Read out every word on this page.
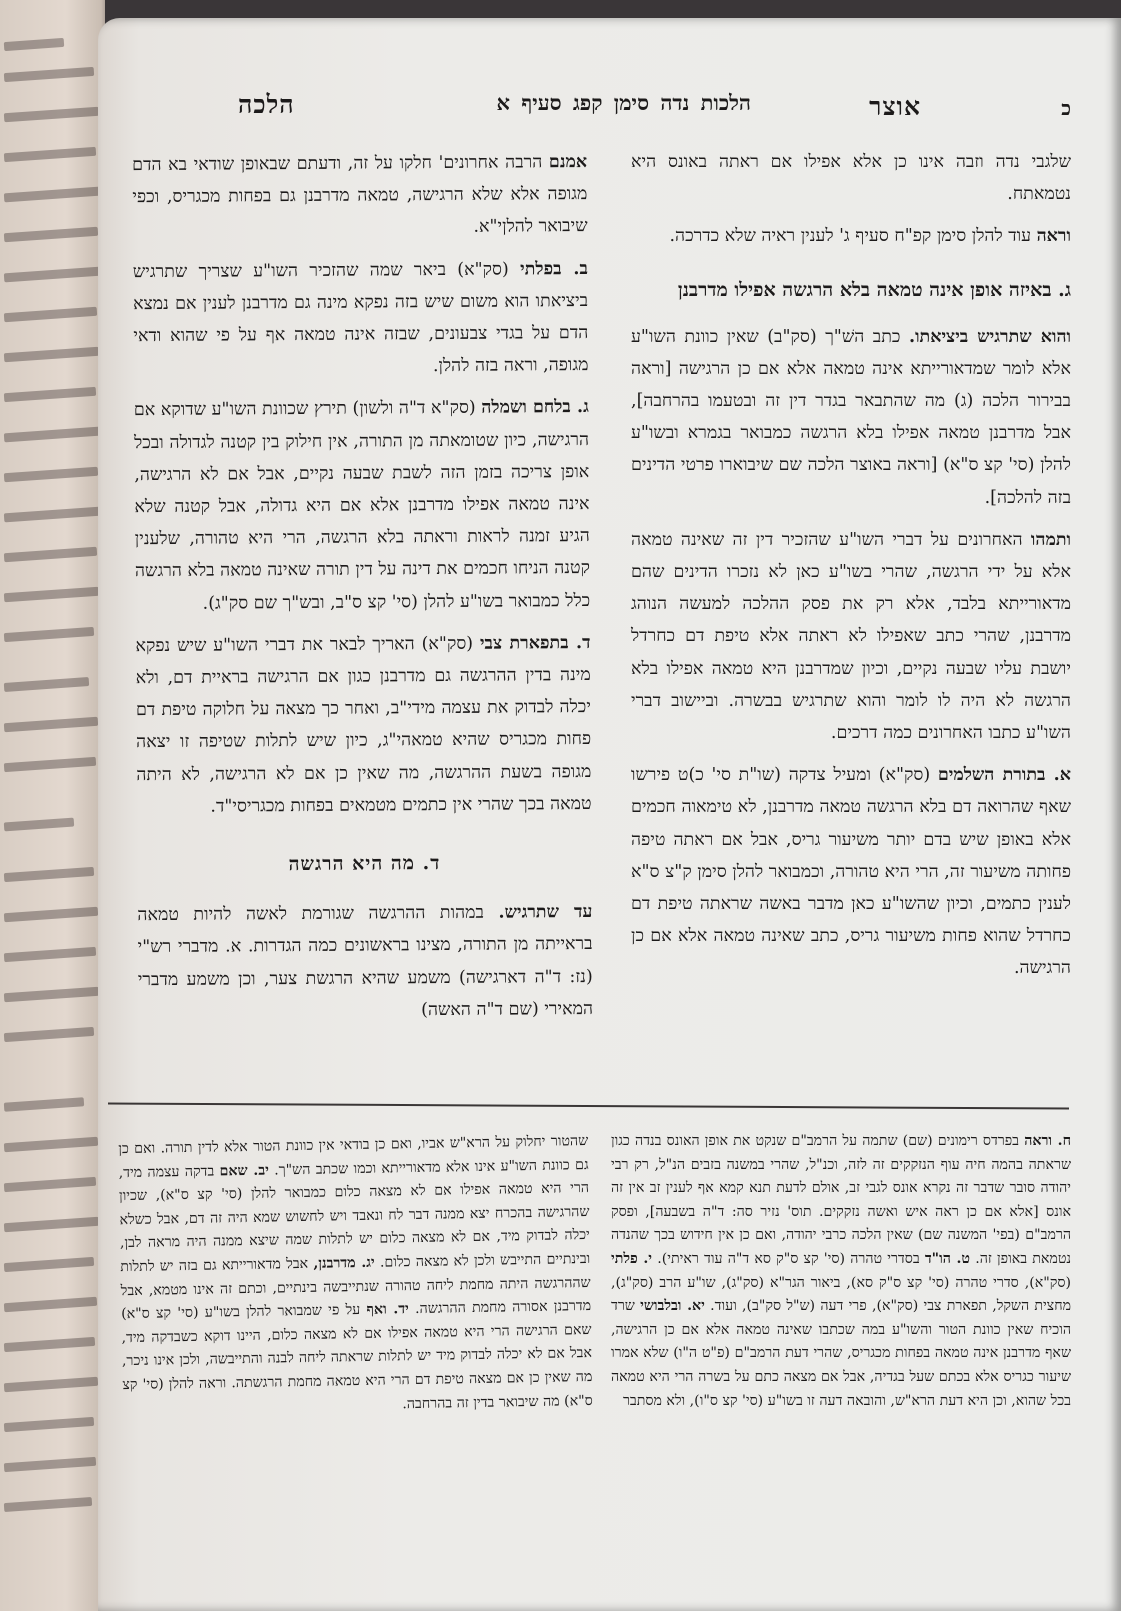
כ
אוצר
הלכות נדה סימן קפג סעיף א
הלכה

שלגבי נדה וזבה אינו כן אלא אפילו אם ראתה באונס היא נטמאתח.

וראה עוד להלן סימן קפ"ח סעיף ג' לענין ראיה שלא כדרכה.

ג. באיזה אופן אינה טמאה בלא הרגשה אפילו מדרבנן

והוא שתרגיש ביציאתו. כתב השׁ"ך (סק"ב) שאין כוונת השו"ע אלא לומר שמדאורייתא אינה טמאה אלא אם כן הרגישה [וראה בבירור הלכה (ג) מה שהתבאר בגדר דין זה ובטעמו בהרחבה], אבל מדרבנן טמאה אפילו בלא הרגשה כמבואר בגמרא ובשו"ע להלן (סי' קצ ס"א) [וראה באוצר הלכה שם שיבוארו פרטי הדינים בזה להלכה].

ותמהו האחרונים על דברי השו"ע שהזכיר דין זה שאינה טמאה אלא על ידי הרגשה, שהרי בשו"ע כאן לא נזכרו הדינים שהם מדאורייתא בלבד, אלא רק את פסק ההלכה למעשה הנוהג מדרבנן, שהרי כתב שאפילו לא ראתה אלא טיפת דם כחרדל יושבת עליו שבעה נקיים, וכיון שמדרבנן היא טמאה אפילו בלא הרגשה לא היה לו לומר והוא שתרגיש בבשרה. וביישוב דברי השו"ע כתבו האחרונים כמה דרכים.

א. בתורת השלמים (סק"א) ומעיל צדקה (שו"ת סי' כ)ט פירשו שאף שהרואה דם בלא הרגשה טמאה מדרבנן, לא טימאוה חכמים אלא באופן שיש בדם יותר משיעור גריס, אבל אם ראתה טיפה פחותה משיעור זה, הרי היא טהורה, וכמבואר להלן סימן ק"צ ס"א לענין כתמים, וכיון שהשו"ע כאן מדבר באשה שראתה טיפת דם כחרדל שהוא פחות משיעור גריס, כתב שאינה טמאה אלא אם כן הרגישה.

אמנם הרבה אחרונים' חלקו על זה, ודעתם שבאופן שודאי בא הדם מגופה אלא שלא הרגישה, טמאה מדרבנן גם בפחות מכגריס, וכפי שיבואר להלןי"א.

ב. בפלתי (סק"א) ביאר שמה שהזכיר השו"ע שצריך שתרגיש ביציאתו הוא משום שיש בזה נפקא מינה גם מדרבנן לענין אם נמצא הדם על בגדי צבעונים, שבזה אינה טמאה אף על פי שהוא ודאי מגופה, וראה בזה להלן.

ג. בלחם ושמלה (סק"א ד"ה ולשון) תירץ שכוונת השו"ע שדוקא אם הרגישה, כיון שטומאתה מן התורה, אין חילוק בין קטנה לגדולה ובכל אופן צריכה בזמן הזה לשבת שבעה נקיים, אבל אם לא הרגישה, אינה טמאה אפילו מדרבנן אלא אם היא גדולה, אבל קטנה שלא הגיע זמנה לראות וראתה בלא הרגשה, הרי היא טהורה, שלענין קטנה הניחו חכמים את דינה על דין תורה שאינה טמאה בלא הרגשה כלל כמבואר בשו"ע להלן (סי' קצ ס"ב, ובש"ך שם סק"ג).

ד. בתפארת צבי (סק"א) האריך לבאר את דברי השו"ע שיש נפקא מינה בדין ההרגשה גם מדרבנן כגון אם הרגישה בראיית דם, ולא יכלה לבדוק את עצמה מידי"ב, ואחר כך מצאה על חלוקה טיפת דם פחות מכגריס שהיא טמאהי"ג, כיון שיש לתלות שטיפה זו יצאה מגופה בשעת ההרגשה, מה שאין כן אם לא הרגישה, לא היתה טמאה בכך שהרי אין כתמים מטמאים בפחות מכגריסי"ד.

ד. מה היא הרגשה

עד שתרגיש. במהות ההרגשה שגורמת לאשה להיות טמאה בראייתה מן התורה, מצינו בראשונים כמה הגדרות. א. מדברי רש"י (נז: ד"ה דארגישה) משמע שהיא הרגשת צער, וכן משמע מדברי המאירי (שם ד"ה האשה)

ח. וראה בפרדס רימונים (שם) שתמה על הרמב"ם שנקט את אופן האונס בנדה כגון שראתה בהמה חיה עוף הנזקקים זה לזה, וכנ"ל, שהרי במשנה בזבים הנ"ל, רק רבי יהודה סובר שדבר זה נקרא אונס לגבי זב, אולם לדעת תנא קמא אף לענין זב אין זה אונס [אלא אם כן ראה איש ואשה נזקקים. תוס' נזיר סה: ד"ה בשבעה], ופסק הרמב"ם (בפי' המשנה שם) שאין הלכה כרבי יהודה, ואם כן אין חידוש בכך שהנדה נטמאת באופן זה. ט. הו"ד בסדרי טהרה (סי' קצ ס"ק סא ד"ה עוד ראיתי). י. פלתי (סק"א), סדרי טהרה (סי' קצ ס"ק סא), ביאור הגר"א (סק"ג), שו"ע הרב (סק"ג), מחצית השקל, תפארת צבי (סק"א), פרי דעה (ש"ל סק"ב), ועוד. יא. ובלבושי שרד הוכיח שאין כוונת הטור והשו"ע במה שכתבו שאינה טמאה אלא אם כן הרגישה, שאף מדרבנן אינה טמאה בפחות מכגריס, שהרי דעת הרמב"ם (פ"ט ה"ו) שלא אמרו שיעור כגריס אלא בכתם שעל בגדיה, אבל אם מצאה כתם על בשרה הרי היא טמאה בכל שהוא, וכן היא דעת הרא"ש, והובאה דעה זו בשו"ע (סי' קצ ס"ו), ולא מסתבר
שהטור יחלוק על הרא"ש אביו, ואם כן בודאי אין כוונת הטור אלא לדין תורה. ואם כן גם כוונת השו"ע אינו אלא מדאורייתא וכמו שכתב הש"ך. יב. שאם בדקה עצמה מיד, הרי היא טמאה אפילו אם לא מצאה כלום כמבואר להלן (סי' קצ ס"א), שכיון שהרגישה בהכרח יצא ממנה דבר לח ונאבד ויש לחשוש שמא היה זה דם, אבל כשלא יכלה לבדוק מיד, אם לא מצאה כלום יש לתלות שמה שיצא ממנה היה מראה לבן, ובינתיים התייבש ולכן לא מצאה כלום. יג. מדרבנן, אבל מדאורייתא גם בזה יש לתלות שההרגשה היתה מחמת ליחה טהורה שנתייבשה בינתיים, וכתם זה אינו מטמא, אבל מדרבנן אסורה מחמת ההרגשה. יד. ואף על פי שמבואר להלן בשו"ע (סי' קצ ס"א) שאם הרגישה הרי היא טמאה אפילו אם לא מצאה כלום, היינו דוקא כשבדקה מיד, אבל אם לא יכלה לבדוק מיד יש לתלות שראתה ליחה לבנה והתייבשה, ולכן אינו ניכר, מה שאין כן אם מצאה טיפת דם הרי היא טמאה מחמת הרגשתה. וראה להלן (סי' קצ ס"א) מה שיבואר בדין זה בהרחבה.
